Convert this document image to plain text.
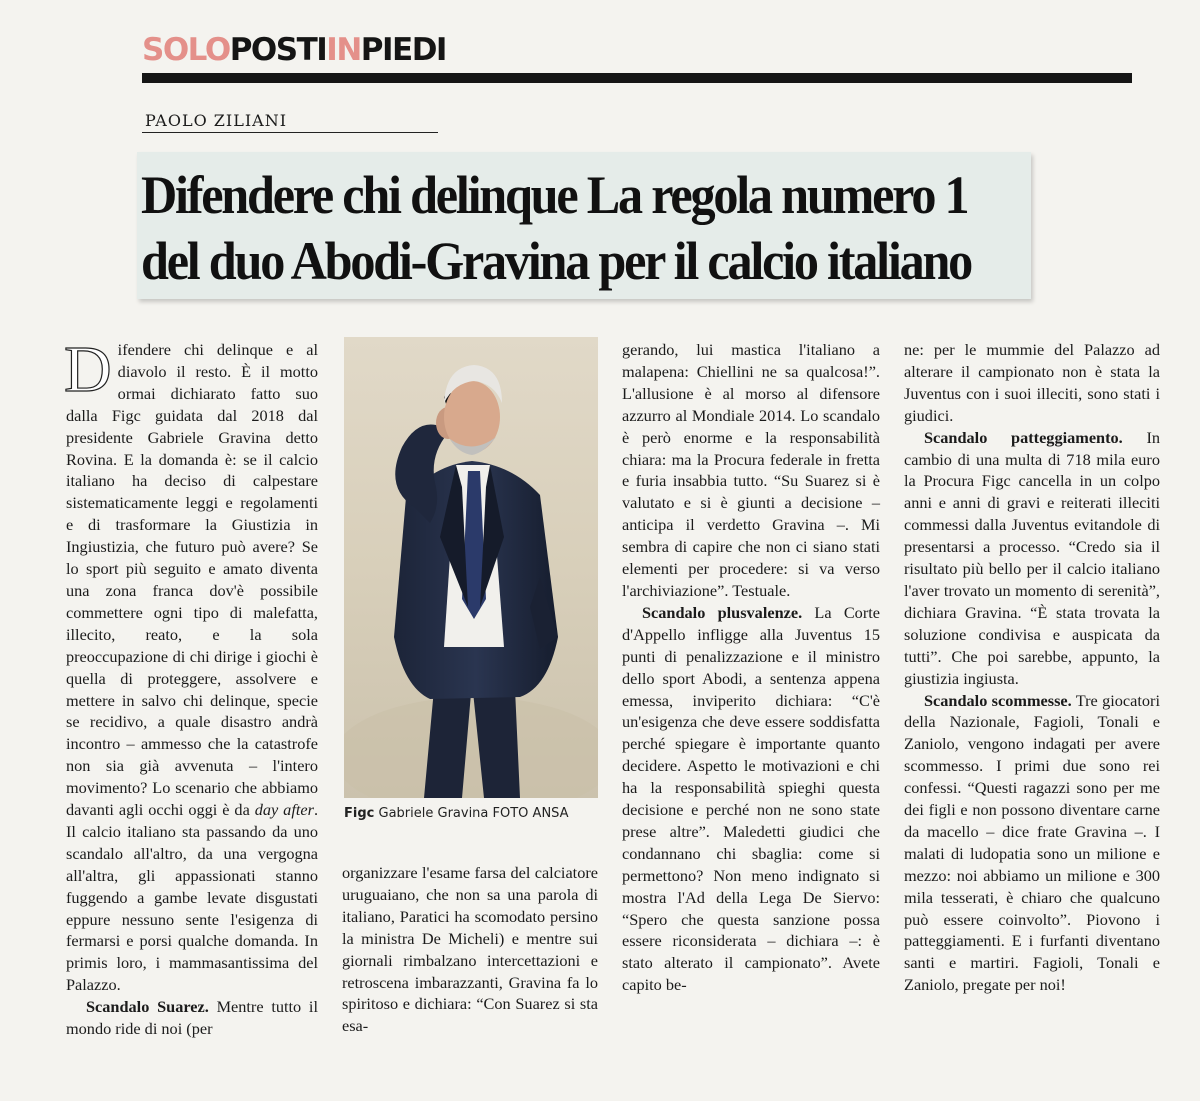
SOLOPOSTIINPIEDI
PAOLO ZILIANI
Difendere chi delinque La regola numero 1
del duo Abodi-Gravina per il calcio italiano

Difendere chi delinque e al diavolo il resto. È il motto ormai dichiarato fatto suo dalla Figc guidata dal 2018 dal presidente Gabriele Gravina detto Rovina. E la domanda è: se il calcio italiano ha deciso di calpestare sistematicamente leggi e regolamenti e di trasformare la Giustizia in Ingiustizia, che futuro può avere? Se lo sport più seguito e amato diventa una zona franca dov'è possibile commettere ogni tipo di malefatta, illecito, reato, e la sola preoccupazione di chi dirige i giochi è quella di proteggere, assolvere e mettere in salvo chi delinque, specie se recidivo, a quale disastro andrà incontro – ammesso che la catastrofe non sia già avvenuta – l'intero movimento? Lo scenario che abbiamo davanti agli occhi oggi è da day after. Il calcio italiano sta passando da uno scandalo all'altro, da una vergogna all'altra, gli appassionati stanno fuggendo a gambe levate disgustati eppure nessuno sente l'esigenza di fermarsi e porsi qualche domanda. In primis loro, i mammasantissima del Palazzo.

Scandalo Suarez. Mentre tutto il mondo ride di noi (per

Figc Gabriele Gravina FOTO ANSA

organizzare l'esame farsa del calciatore uruguaiano, che non sa una parola di italiano, Paratici ha scomodato persino la ministra De Micheli) e mentre sui giornali rimbalzano intercettazioni e retroscena imbarazzanti, Gravina fa lo spiritoso e dichiara: “Con Suarez si sta esa-

gerando, lui mastica l'italiano a malapena: Chiellini ne sa qualcosa!”. L'allusione è al morso al difensore azzurro al Mondiale 2014. Lo scandalo è però enorme e la responsabilità chiara: ma la Procura federale in fretta e furia insabbia tutto. “Su Suarez si è valutato e si è giunti a decisione – anticipa il verdetto Gravina –. Mi sembra di capire che non ci siano stati elementi per procedere: si va verso l'archiviazione”. Testuale.

Scandalo plusvalenze. La Corte d'Appello infligge alla Juventus 15 punti di penalizzazione e il ministro dello sport Abodi, a sentenza appena emessa, inviperito dichiara: “C'è un'esigenza che deve essere soddisfatta perché spiegare è importante quanto decidere. Aspetto le motivazioni e chi ha la responsabilità spieghi questa decisione e perché non ne sono state prese altre”. Maledetti giudici che condannano chi sbaglia: come si permettono? Non meno indignato si mostra l'Ad della Lega De Siervo: “Spero che questa sanzione possa essere riconsiderata – dichiara –: è stato alterato il campionato”. Avete capito be-

ne: per le mummie del Palazzo ad alterare il campionato non è stata la Juventus con i suoi illeciti, sono stati i giudici.

Scandalo patteggiamento. In cambio di una multa di 718 mila euro la Procura Figc cancella in un colpo anni e anni di gravi e reiterati illeciti commessi dalla Juventus evitandole di presentarsi a processo. “Credo sia il risultato più bello per il calcio italiano l'aver trovato un momento di serenità”, dichiara Gravina. “È stata trovata la soluzione condivisa e auspicata da tutti”. Che poi sarebbe, appunto, la giustizia ingiusta.

Scandalo scommesse. Tre giocatori della Nazionale, Fagioli, Tonali e Zaniolo, vengono indagati per avere scommesso. I primi due sono rei confessi. “Questi ragazzi sono per me dei figli e non possono diventare carne da macello – dice frate Gravina –. I malati di ludopatia sono un milione e mezzo: noi abbiamo un milione e 300 mila tesserati, è chiaro che qualcuno può essere coinvolto”. Piovono i patteggiamenti. E i furfanti diventano santi e martiri. Fagioli, Tonali e Zaniolo, pregate per noi!
